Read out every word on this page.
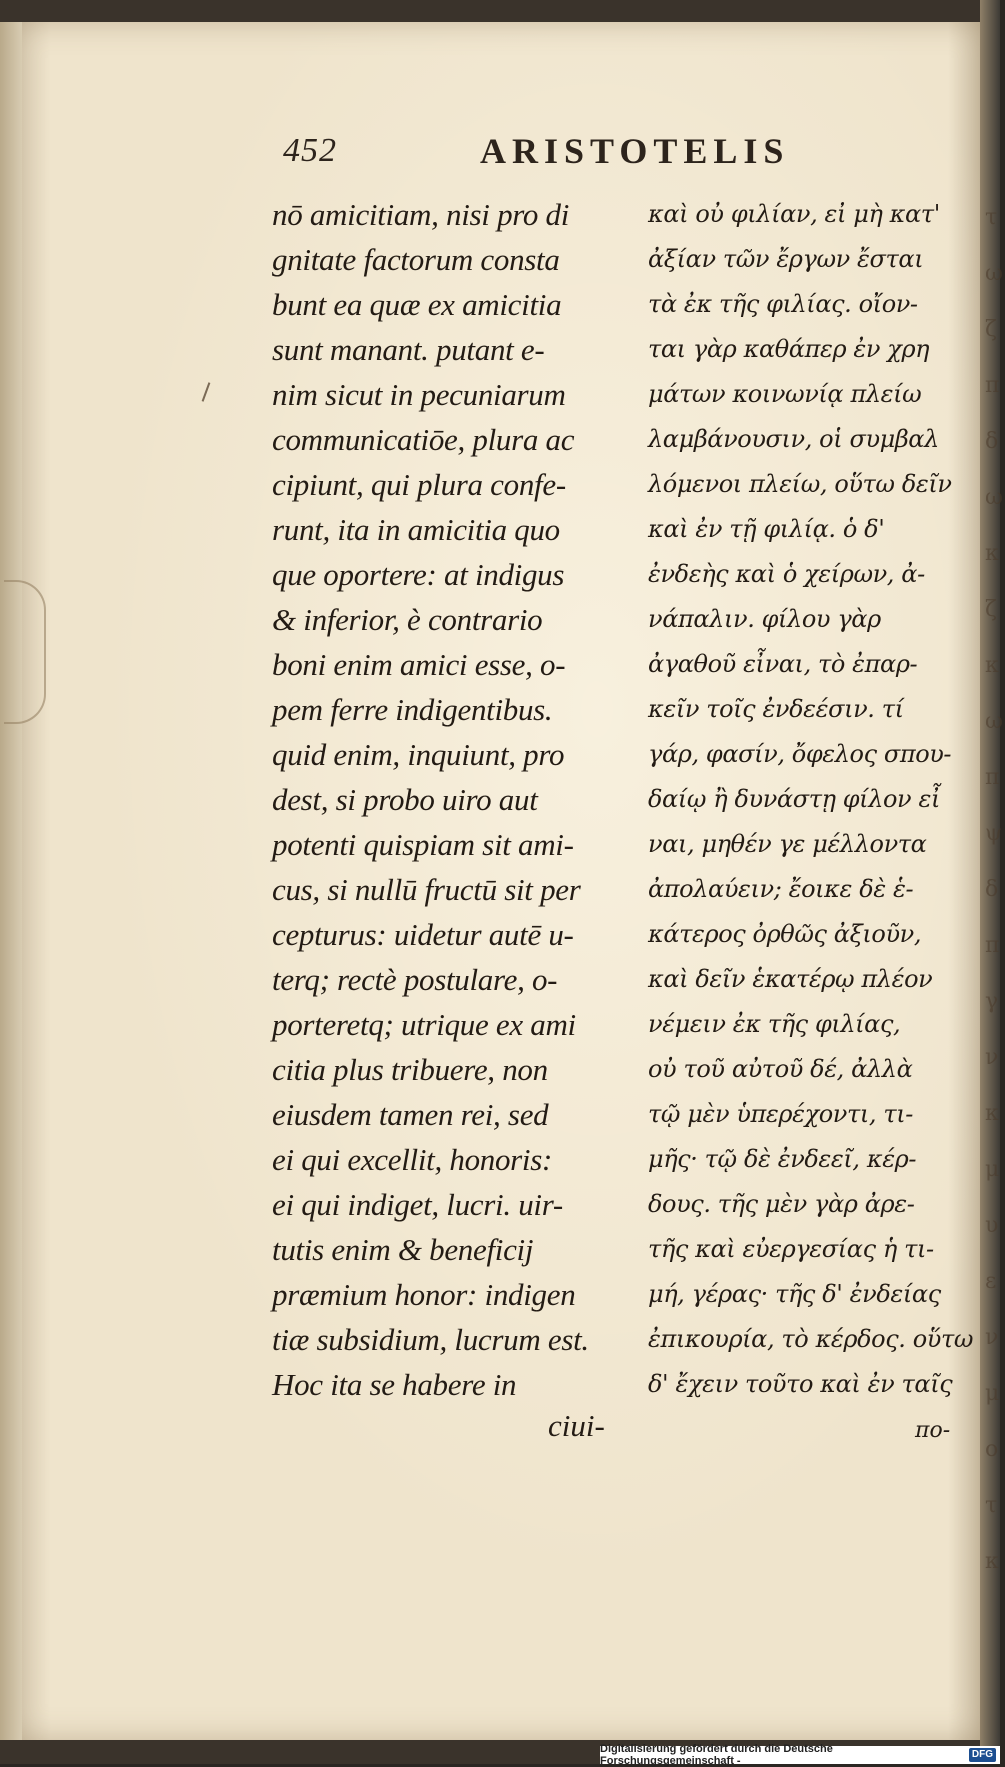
τ
ω
ζ
π
δ
ω
κ
ζ
κ
ω
π
ψ
δ
π
γ
ν
κ
μ
υ
ε
ν
μ
ο
τ
κ
452	ARISTOTELIS
nō amicitiam, nisi pro di
gnitate factorum consta
bunt ea quæ ex amicitia
sunt manant. putant e-
nim sicut in pecuniarum
communicatiōe, plura ac
cipiunt, qui plura confe-
runt, ita in amicitia quo
que oportere: at indigus
& inferior, è contrario
boni enim amici esse, o-
pem ferre indigentibus.
quid enim, inquiunt, pro
dest, si probo uiro aut
potenti quispiam sit ami-
cus, si nullū fructū sit per
cepturus: uidetur autē u-
terq; rectè postulare, o-
porteretq; utrique ex ami
citia plus tribuere, non
eiusdem tamen rei, sed
ei qui excellit, honoris:
ei qui indiget, lucri. uir-
tutis enim & beneficij
præmium honor: indigen
tiæ subsidium, lucrum est.
Hoc ita se habere in
καὶ οὐ φιλίαν, εἰ μὴ κατ'
ἀξίαν τῶν ἔργων ἔσται
τὰ ἐκ τῆς φιλίας. οἴον-
ται γὰρ καθάπερ ἐν χρη
μάτων κοινωνίᾳ πλείω
λαμβάνουσιν, οἱ συμβαλ
λόμενοι πλείω, οὕτω δεῖν
καὶ ἐν τῇ φιλίᾳ. ὁ δ'
ἐνδεὴς καὶ ὁ χείρων, ἀ-
νάπαλιν. φίλου γὰρ
ἀγαθοῦ εἶναι, τὸ ἐπαρ-
κεῖν τοῖς ἐνδεέσιν. τί
γάρ, φασίν, ὄφελος σπου-
δαίῳ ἢ δυνάστῃ φίλον εἶ
ναι, μηθέν γε μέλλοντα
ἀπολαύειν; ἔοικε δὲ ἑ-
κάτερος ὀρθῶς ἀξιοῦν,
καὶ δεῖν ἑκατέρῳ πλέον
νέμειν ἐκ τῆς φιλίας,
οὐ τοῦ αὐτοῦ δέ, ἀλλὰ
τῷ μὲν ὑπερέχοντι, τι-
μῆς· τῷ δὲ ἐνδεεῖ, κέρ-
δους. τῆς μὲν γὰρ ἀρε-
τῆς καὶ εὐεργεσίας ἡ τι-
μή, γέρας· τῆς δ' ἐνδείας
ἐπικουρία, τὸ κέρδος. οὕτω
δ' ἔχειν τοῦτο καὶ ἐν ταῖς
ciui-	πο-
Digitalisierung gefördert durch die Deutsche Forschungsgemeinschaft -
DFG
